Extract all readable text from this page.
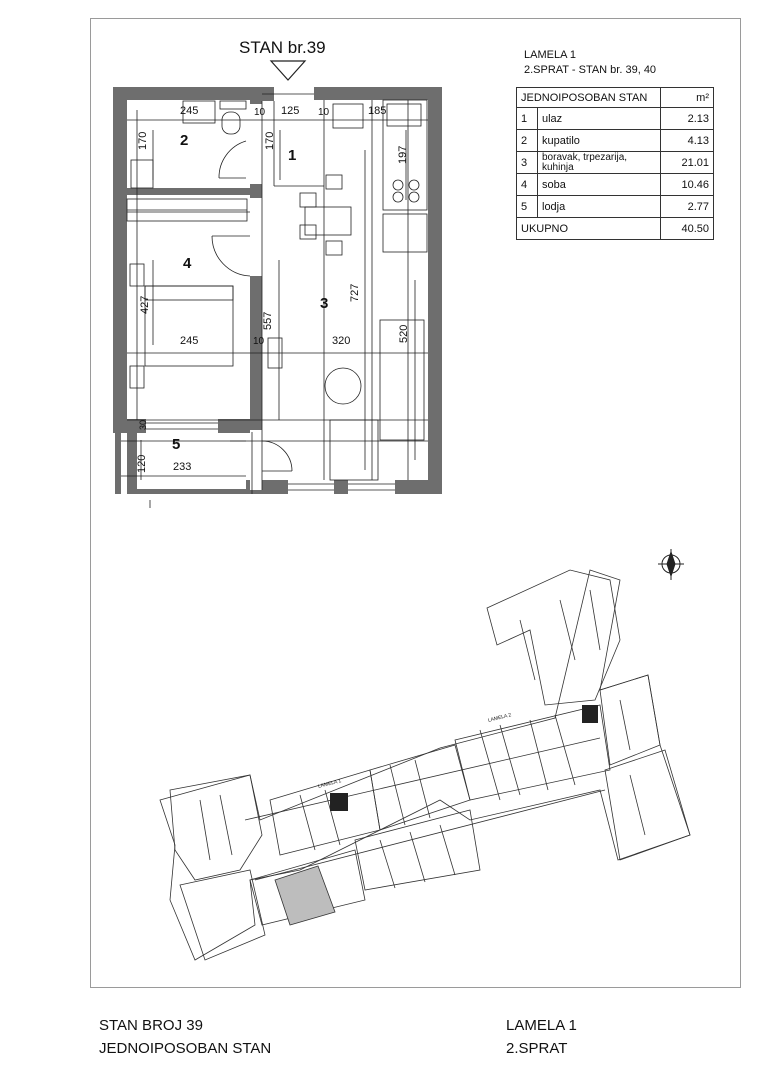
STAN br.39	LAMELA 1
2.SPRAT - STAN br. 39, 40
2
1
4
3
5
245	125	185
170	170
197
427
557
727
245	320	520
120 233
30
10	10
10
LAMELA 1
LAMELA 2
JEDNOIPOSOBAN STAN		m²
1	ulaz	2.13
2	kupatilo	4.13
3	boravak, trpezarija, kuhinja	21.01
4	soba	10.46
5	lodja	2.77
UKUPNO		40.50
STAN BROJ 39
JEDNOIPOSOBAN STAN
LAMELA 1
2.SPRAT
